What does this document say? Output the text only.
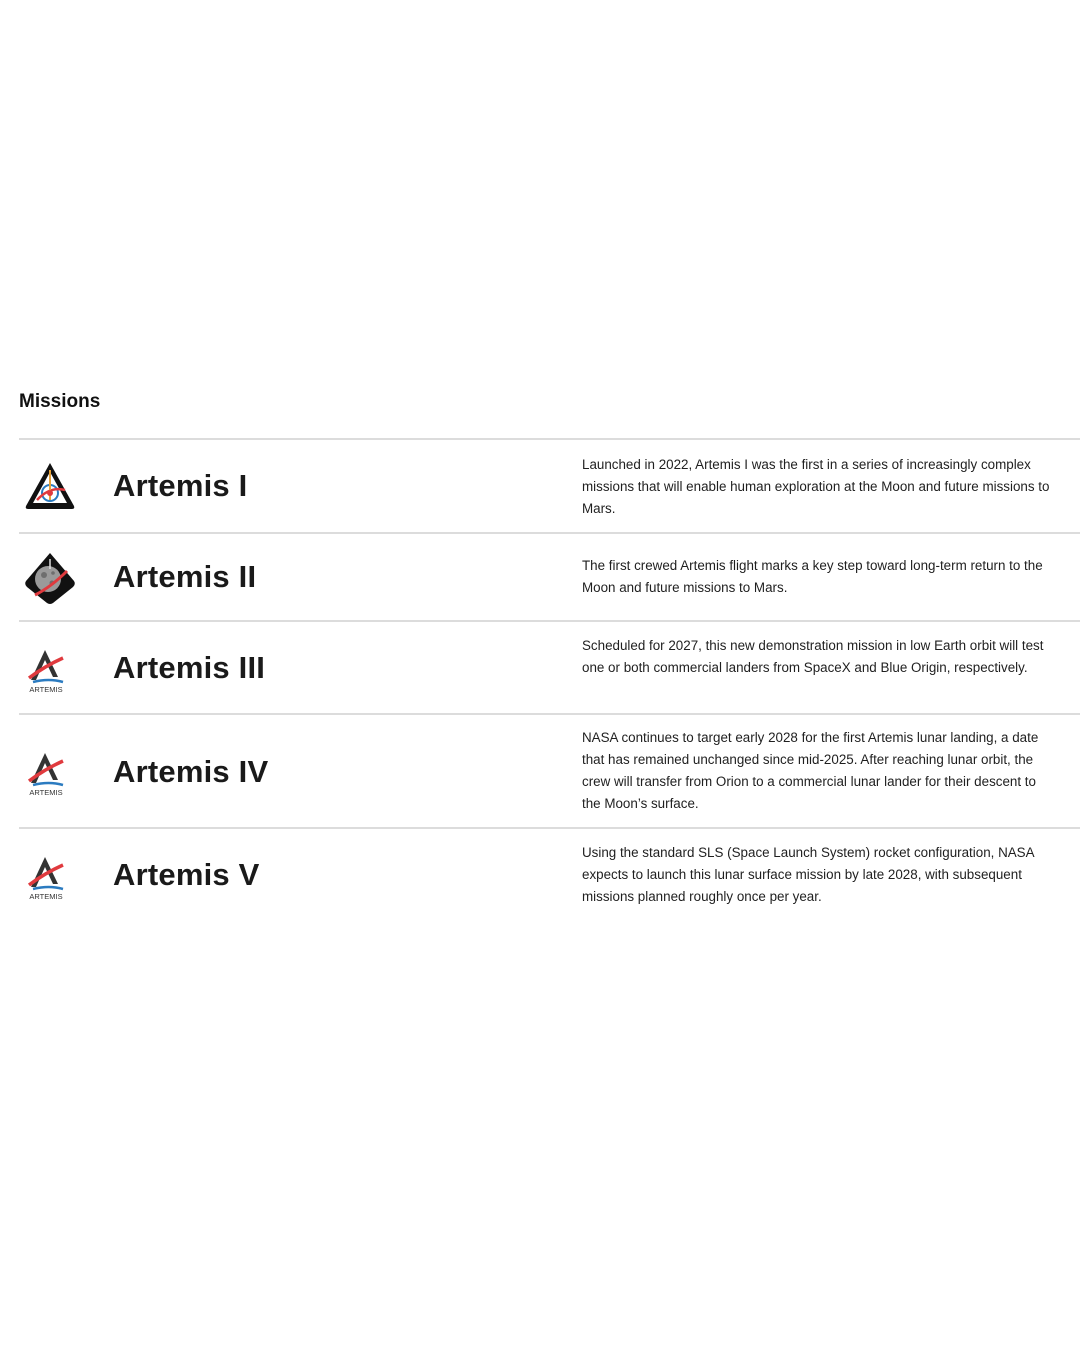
Missions
Artemis I
Launched in 2022, Artemis I was the first in a series of increasingly complex missions that will enable human exploration at the Moon and future missions to Mars.
Artemis II	The first crewed Artemis flight marks a key step toward long-term return to the Moon and future missions to Mars.
ARTEMIS
Artemis III
Scheduled for 2027, this new demonstration mission in low Earth orbit will test one or both commercial landers from SpaceX and Blue Origin, respectively.
ARTEMIS
Artemis IV
NASA continues to target early 2028 for the first Artemis lunar landing, a date that has remained unchanged since mid-2025. After reaching lunar orbit, the crew will transfer from Orion to a commercial lunar lander for their descent to the Moon’s surface.
ARTEMIS
Artemis V
Using the standard SLS (Space Launch System) rocket configuration, NASA expects to launch this lunar surface mission by late 2028, with subsequent missions planned roughly once per year.
